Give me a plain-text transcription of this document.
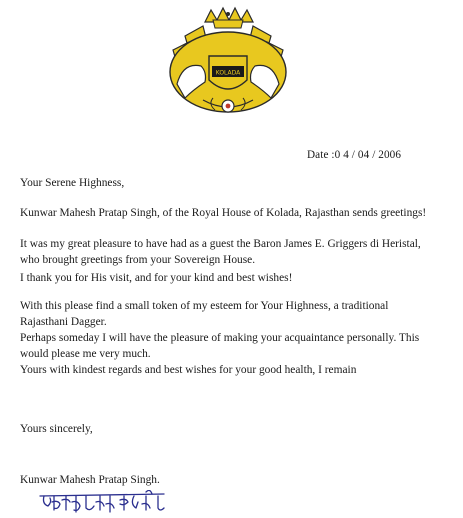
KOLADA
Date :0 4 / 04 / 2006
Your Serene Highness,
Kunwar Mahesh Pratap Singh, of the Royal House of Kolada, Rajasthan sends greetings!
It was my great pleasure to have had as a guest the Baron James E. Griggers di Heristal,
who brought greetings from your Sovereign House.
I thank you for His visit, and for your kind and best wishes!
With this please find a small token of my esteem for Your Highness, a traditional
Rajasthani Dagger.
Perhaps someday I will have the pleasure of making your acquaintance personally. This
would please me very much.
Yours with kindest regards and best wishes for your good health, I remain
Yours sincerely,
Kunwar Mahesh Pratap Singh.
